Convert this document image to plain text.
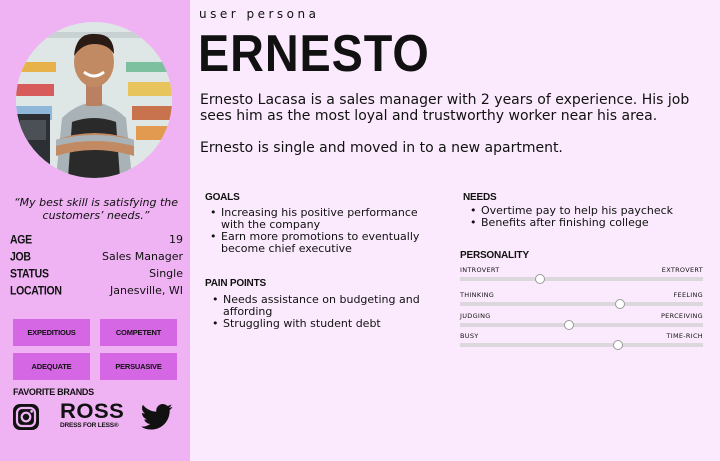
“My best skill is satisfying the customers’ needs.”
AGE	19
JOB	Sales Manager
STATUS	Single
LOCATION	Janesville, WI
EXPEDITIOUS	COMPETENT
ADEQUATE	PERSUASIVE
FAVORITE BRANDS
ROSS
DRESS FOR LESS®
user persona
ERNESTO
Ernesto Lacasa is a sales manager with 2 years of experience. His job sees him as the most loyal and trustworthy worker near his area.
Ernesto is single and moved in to a new apartment.
GOALS
• Increasing his positive performance with the company
• Earn more promotions to eventually become chief executive
PAIN POINTS
• Needs assistance on budgeting and affording
• Struggling with student debt
NEEDS
• Overtime pay to help his paycheck
• Benefits after finishing college
PERSONALITY
INTROVERT	EXTROVERT
THINKING	FEELING
JUDGING	PERCEIVING
BUSY	TIME-RICH
